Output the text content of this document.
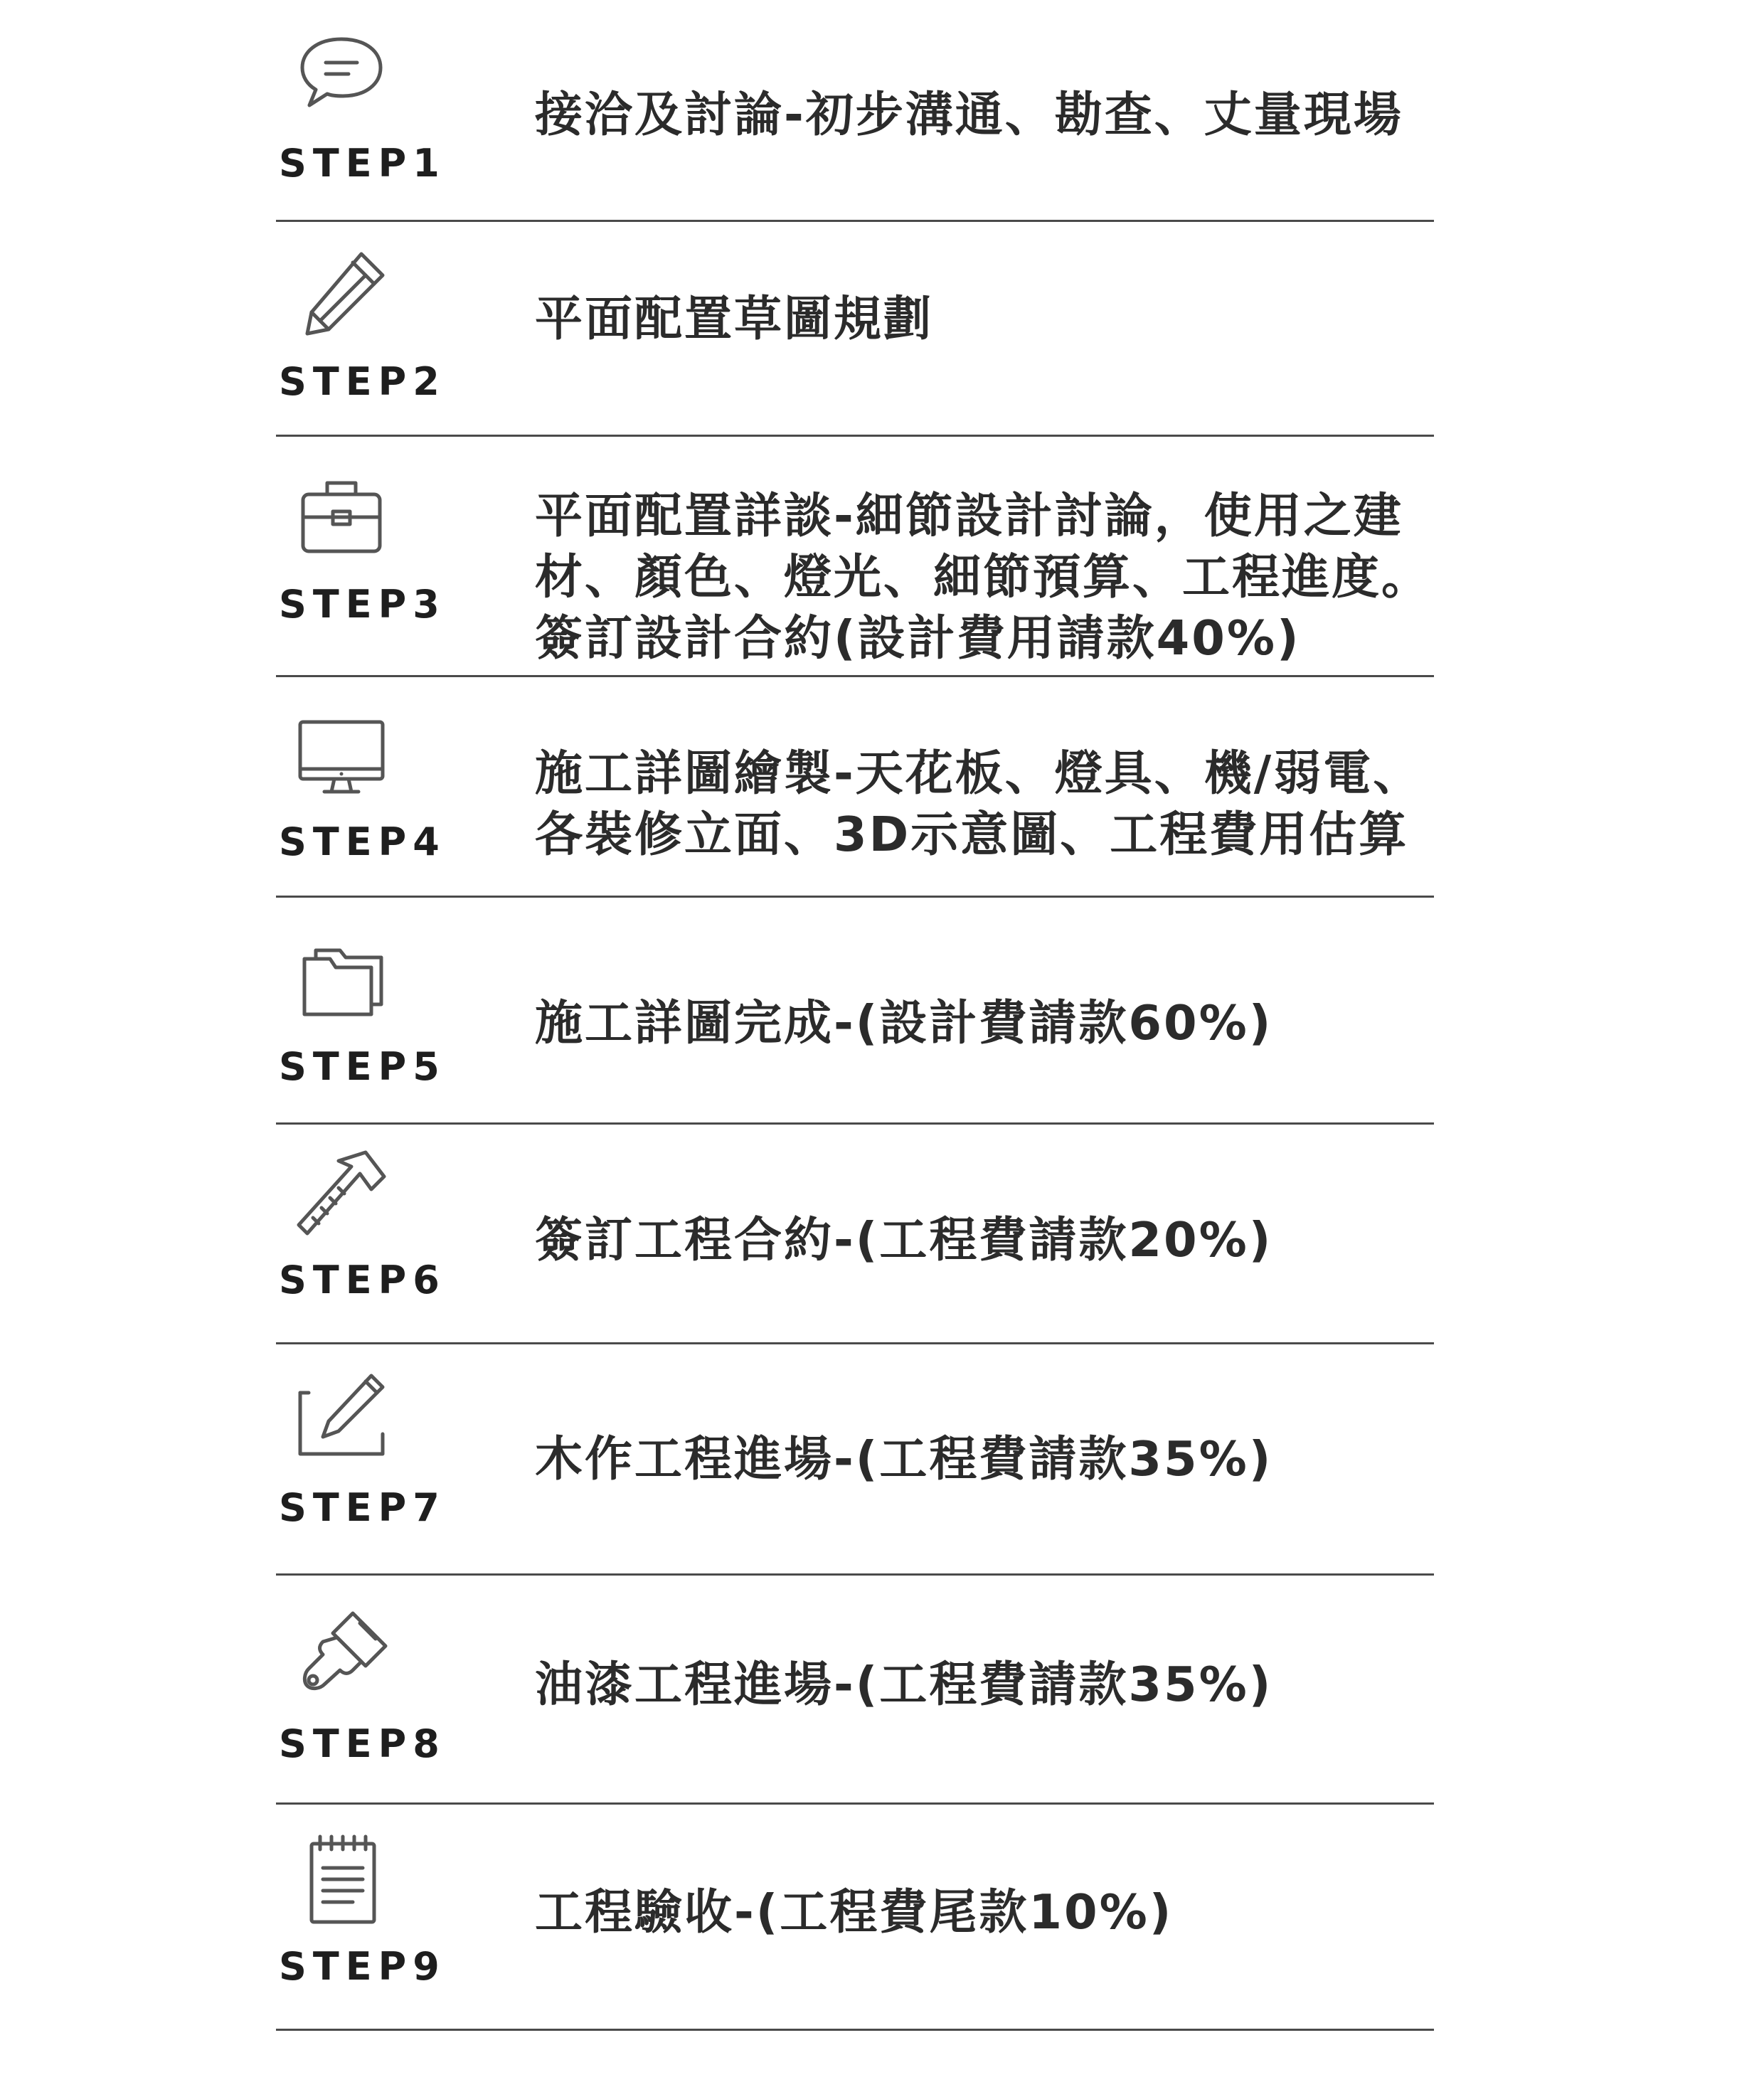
STEP1
接洽及討論-初步溝通、勘查、丈量現場
STEP2
平面配置草圖規劃
STEP3
平面配置詳談-細節設計討論，使用之建
材、顏色、燈光、細節預算、工程進度。
簽訂設計合約(設計費用請款40%)
STEP4
施工詳圖繪製-天花板、燈具、機/弱電、
各裝修立面、3D示意圖、工程費用估算
STEP5
施工詳圖完成-(設計費請款60%)
STEP6
簽訂工程合約-(工程費請款20%)
STEP7
木作工程進場-(工程費請款35%)
STEP8
油漆工程進場-(工程費請款35%)
STEP9
工程驗收-(工程費尾款10%)
